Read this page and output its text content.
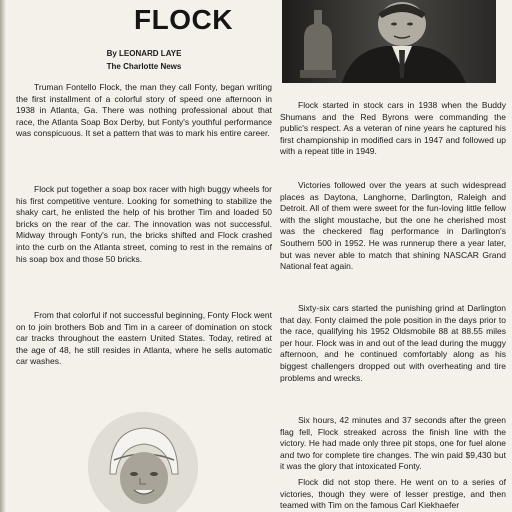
FLOCK
By LEONARD LAYE
The Charlotte News

Truman Fontello Flock, the man they call Fonty, began writing the first installment of a colorful story of speed one afternoon in 1938 in Atlanta, Ga. There was nothing professional about that race, the Atlanta Soap Box Derby, but Fonty's youthful performance was conspicuous. It set a pattern that was to mark his entire career.

Flock put together a soap box racer with high buggy wheels for his first competitive venture. Looking for something to stabilize the shaky cart, he enlisted the help of his brother Tim and loaded 50 bricks on the rear of the car. The innovation was not successful. Midway through Fonty's run, the bricks shifted and Flock crashed into the curb on the Atlanta street, coming to rest in the remains of his soap box and those 50 bricks.

From that colorful if not successful beginning, Fonty Flock went on to join brothers Bob and Tim in a career of domination on stock car tracks throughout the eastern United States. Today, retired at the age of 48, he still resides in Atlanta, where he sells automatic car washes.

Flock started in stock cars in 1938 when the Buddy Shumans and the Red Byrons were commanding the public's respect. As a veteran of nine years he captured his first championship in modified cars in 1947 and followed up with a repeat title in 1949.

Victories followed over the years at such widespread places as Daytona, Langhorne, Darlington, Raleigh and Detroit. All of them were sweet for the fun-loving little fellow with the slight moustache, but the one he cherished most was the checkered flag performance in Darlington's Southern 500 in 1952. He was runnerup there a year later, but was never able to match that shining NASCAR Grand National feat again.

Sixty-six cars started the punishing grind at Darlington that day. Fonty claimed the pole position in the days prior to the race, qualifying his 1952 Oldsmobile 88 at 88.55 miles per hour. Flock was in and out of the lead during the muggy afternoon, and he continued comfortably along as his biggest challengers dropped out with overheating and tire problems and wrecks.

Six hours, 42 minutes and 37 seconds after the green flag fell, Flock streaked across the finish line with the victory. He had made only three pit stops, one for fuel alone and two for complete tire changes. The win paid $9,430 but it was the glory that intoxicated Fonty.

Flock did not stop there. He went on to a series of victories, though they were of lesser prestige, and then teamed with Tim on the famous Carl Kiekhaefer
